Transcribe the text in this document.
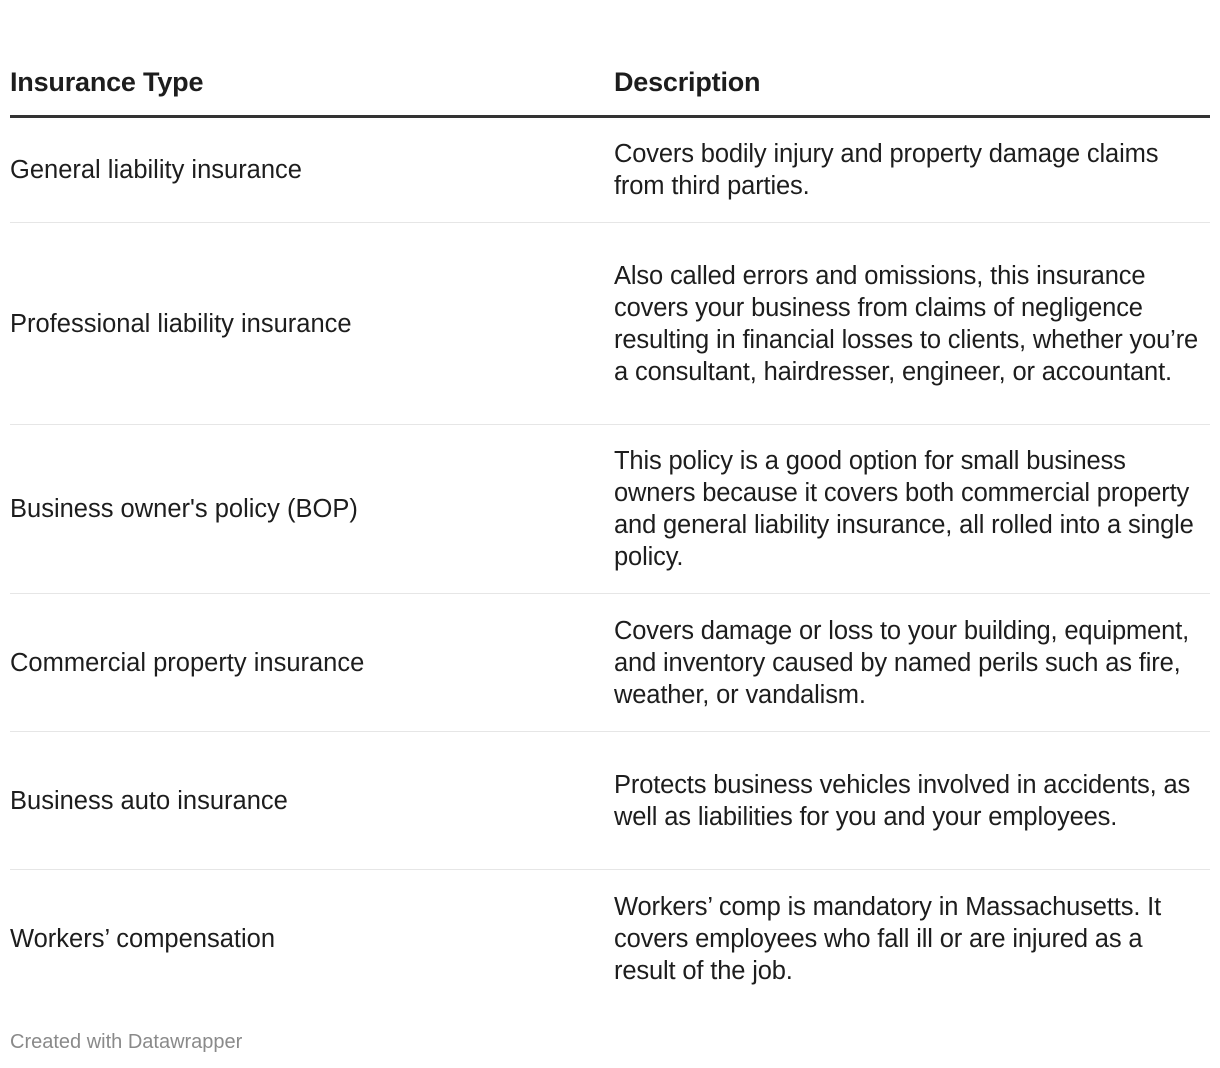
Insurance Type	Description
General liability insurance	Covers bodily injury and property damage claims from third parties.
Professional liability insurance	Also called errors and omissions, this insurance covers your business from claims of negligence resulting in financial losses to clients, whether you’re a consultant, hairdresser, engineer, or accountant.
Business owner's policy (BOP)	This policy is a good option for small business owners because it covers both commercial property and general liability insurance, all rolled into a single policy.
Commercial property insurance	Covers damage or loss to your building, equipment, and inventory caused by named perils such as fire, weather, or vandalism.
Business auto insurance	Protects business vehicles involved in accidents, as well as liabilities for you and your employees.
Workers’ compensation	Workers’ comp is mandatory in Massachusetts. It covers employees who fall ill or are injured as a result of the job.
Created with Datawrapper
